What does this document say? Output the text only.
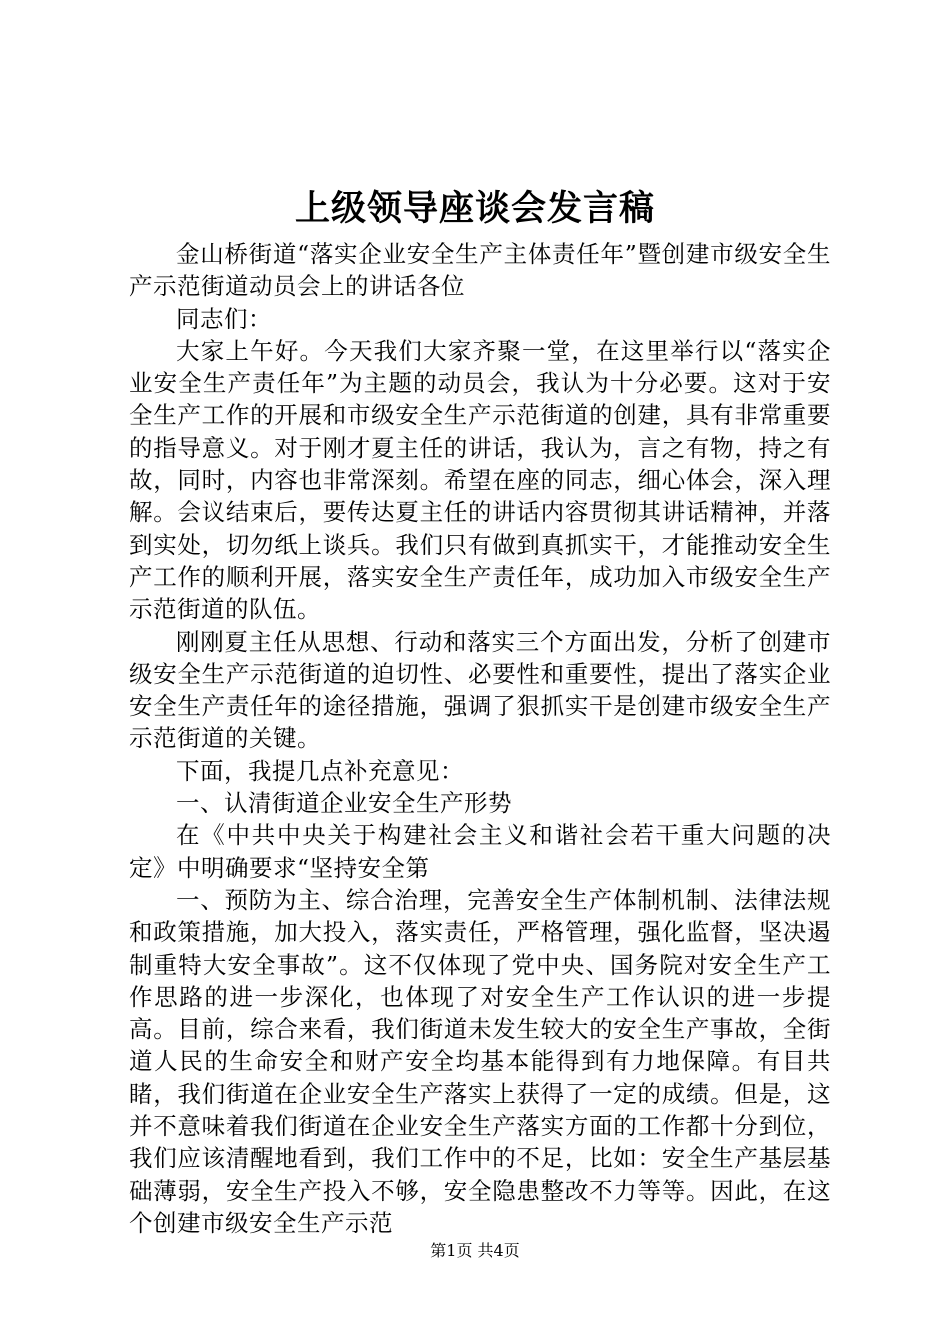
上级领导座谈会发言稿

金山桥街道“落实企业安全生产主体责任年”暨创建市级安全生产示范街道动员会上的讲话各位

同志们：

大家上午好。今天我们大家齐聚一堂，在这里举行以“落实企业安全生产责任年”为主题的动员会，我认为十分必要。这对于安全生产工作的开展和市级安全生产示范街道的创建，具有非常重要的指导意义。对于刚才夏主任的讲话，我认为，言之有物，持之有故，同时，内容也非常深刻。希望在座的同志，细心体会，深入理解。会议结束后，要传达夏主任的讲话内容贯彻其讲话精神，并落到实处，切勿纸上谈兵。我们只有做到真抓实干，才能推动安全生产工作的顺利开展，落实安全生产责任年，成功加入市级安全生产示范街道的队伍。

刚刚夏主任从思想、行动和落实三个方面出发，分析了创建市级安全生产示范街道的迫切性、必要性和重要性，提出了落实企业安全生产责任年的途径措施，强调了狠抓实干是创建市级安全生产示范街道的关键。

下面，我提几点补充意见：

一、认清街道企业安全生产形势

在《中共中央关于构建社会主义和谐社会若干重大问题的决定》中明确要求“坚持安全第

一、预防为主、综合治理，完善安全生产体制机制、法律法规和政策措施，加大投入，落实责任，严格管理，强化监督，坚决遏制重特大安全事故”。这不仅体现了党中央、国务院对安全生产工作思路的进一步深化，也体现了对安全生产工作认识的进一步提高。目前，综合来看，我们街道未发生较大的安全生产事故，全街道人民的生命安全和财产安全均基本能得到有力地保障。有目共睹，我们街道在企业安全生产落实上获得了一定的成绩。但是，这并不意味着我们街道在企业安全生产落实方面的工作都十分到位，我们应该清醒地看到，我们工作中的不足，比如：安全生产基层基础薄弱，安全生产投入不够，安全隐患整改不力等等。因此，在这个创建市级安全生产示范

第1页 共4页
